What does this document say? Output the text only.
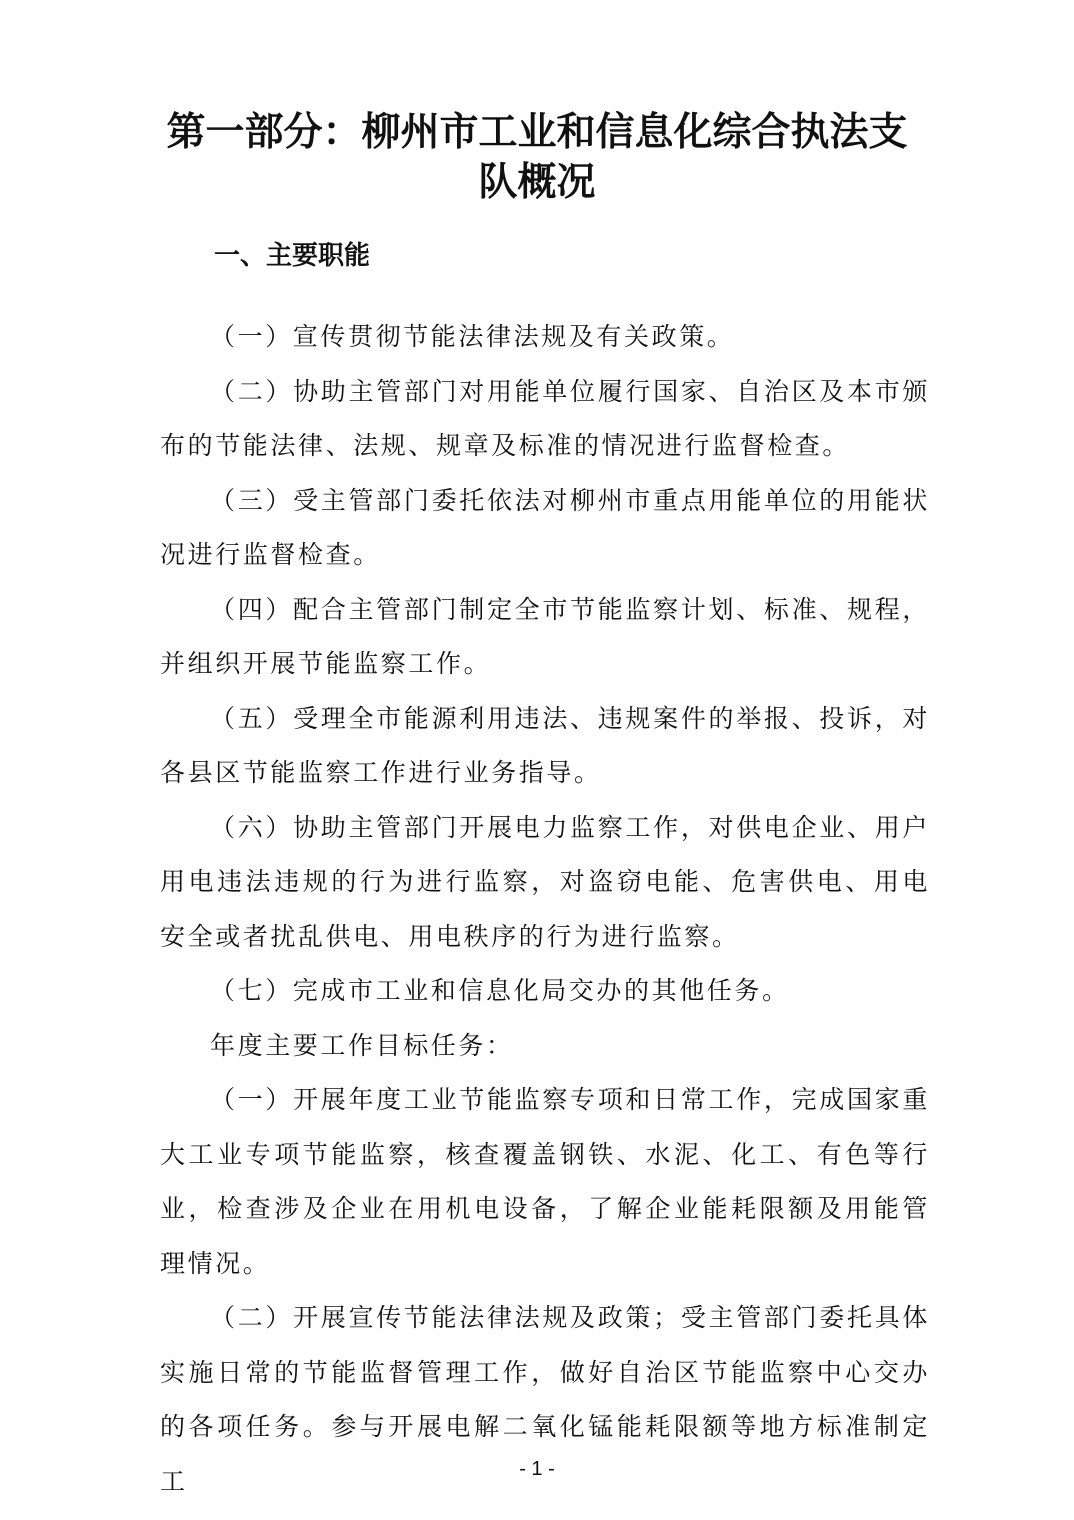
第一部分：柳州市工业和信息化综合执法支
队概况
一、主要职能

（一）宣传贯彻节能法律法规及有关政策。

（二）协助主管部门对用能单位履行国家、自治区及本市颁布的节能法律、法规、规章及标准的情况进行监督检查。

（三）受主管部门委托依法对柳州市重点用能单位的用能状况进行监督检查。

（四）配合主管部门制定全市节能监察计划、标准、规程，并组织开展节能监察工作。

（五）受理全市能源利用违法、违规案件的举报、投诉，对各县区节能监察工作进行业务指导。

（六）协助主管部门开展电力监察工作，对供电企业、用户用电违法违规的行为进行监察，对盗窃电能、危害供电、用电安全或者扰乱供电、用电秩序的行为进行监察。

（七）完成市工业和信息化局交办的其他任务。

年度主要工作目标任务：

（一）开展年度工业节能监察专项和日常工作，完成国家重大工业专项节能监察，核查覆盖钢铁、水泥、化工、有色等行业，检查涉及企业在用机电设备，了解企业能耗限额及用能管理情况。

（二）开展宣传节能法律法规及政策；受主管部门委托具体实施日常的节能监督管理工作，做好自治区节能监察中心交办的各项任务。参与开展电解二氧化锰能耗限额等地方标准制定工	- 1 -
